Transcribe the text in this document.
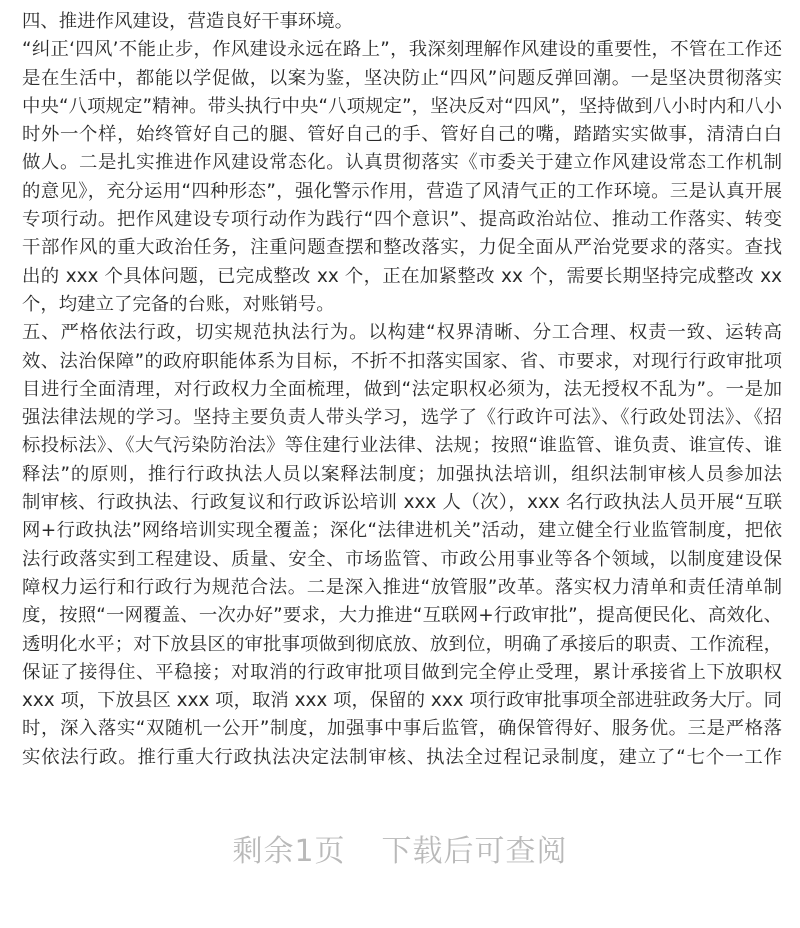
四、推进作风建设，营造良好干事环境。
“纠正‘四风’不能止步，作风建设永远在路上”，我深刻理解作风建设的重要性，不管在工作还
是在生活中，都能以学促做，以案为鉴，坚决防止“四风”问题反弹回潮。一是坚决贯彻落实
中央“八项规定”精神。带头执行中央“八项规定”，坚决反对“四风”，坚持做到八小时内和八小
时外一个样，始终管好自己的腿、管好自己的手、管好自己的嘴，踏踏实实做事，清清白白
做人。二是扎实推进作风建设常态化。认真贯彻落实《市委关于建立作风建设常态工作机制
的意见》，充分运用“四种形态”，强化警示作用，营造了风清气正的工作环境。三是认真开展
专项行动。把作风建设专项行动作为践行“四个意识”、提高政治站位、推动工作落实、转变
干部作风的重大政治任务，注重问题查摆和整改落实，力促全面从严治党要求的落实。查找
出的 xxx 个具体问题，已完成整改 xx 个，正在加紧整改 xx 个，需要长期坚持完成整改 xx
个，均建立了完备的台账，对账销号。
五、严格依法行政，切实规范执法行为。以构建“权界清晰、分工合理、权责一致、运转高
效、法治保障”的政府职能体系为目标，不折不扣落实国家、省、市要求，对现行行政审批项
目进行全面清理，对行政权力全面梳理，做到“法定职权必须为，法无授权不乱为”。一是加
强法律法规的学习。坚持主要负责人带头学习，选学了《行政许可法》、《行政处罚法》、《招
标投标法》、《大气污染防治法》等住建行业法律、法规；按照“谁监管、谁负责、谁宣传、谁
释法”的原则，推行行政执法人员以案释法制度；加强执法培训，组织法制审核人员参加法
制审核、行政执法、行政复议和行政诉讼培训 xxx 人（次），xxx 名行政执法人员开展“互联
网+行政执法”网络培训实现全覆盖；深化“法律进机关”活动，建立健全行业监管制度，把依
法行政落实到工程建设、质量、安全、市场监管、市政公用事业等各个领域，以制度建设保
障权力运行和行政行为规范合法。二是深入推进“放管服”改革。落实权力清单和责任清单制
度，按照“一网覆盖、一次办好”要求，大力推进“互联网+行政审批”，提高便民化、高效化、
透明化水平；对下放县区的审批事项做到彻底放、放到位，明确了承接后的职责、工作流程，
保证了接得住、平稳接；对取消的行政审批项目做到完全停止受理，累计承接省上下放职权
xxx 项，下放县区 xxx 项，取消 xxx 项，保留的 xxx 项行政审批事项全部进驻政务大厅。同
时，深入落实“双随机一公开”制度，加强事中事后监管，确保管得好、服务优。三是严格落
实依法行政。推行重大行政执法决定法制审核、执法全过程记录制度，建立了“七个一工作
剩余1页 下载后可查阅
